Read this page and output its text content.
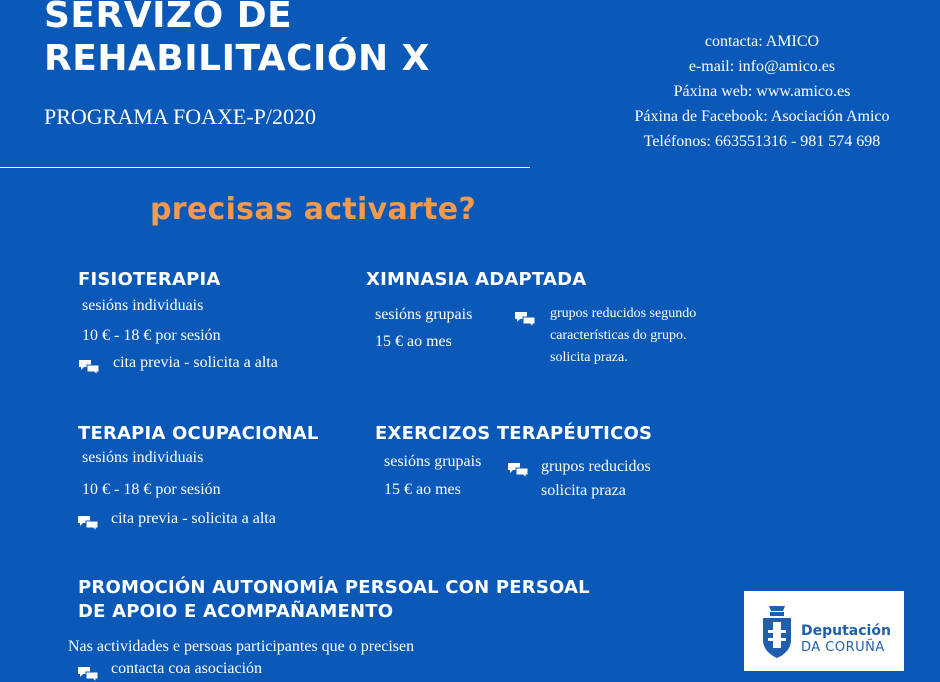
SERVIZO DE
REHABILITACIÓN X
PROGRAMA FOAXE-P/2020
contacta: AMICO
e-mail: info@amico.es
Páxina web: www.amico.es
Páxina de Facebook: Asociación Amico
Teléfonos: 663551316 - 981 574 698
precisas activarte?
FISIOTERAPIA
sesións individuais
10 € - 18 € por sesión
cita previa - solicita a alta
XIMNASIA ADAPTADA
sesións grupais
15 € ao mes
grupos reducidos segundo
características do grupo.
solicita praza.
TERAPIA OCUPACIONAL
sesións individuais
10 € - 18 € por sesión
cita previa - solicita a alta
EXERCIZOS TERAPÉUTICOS
sesións grupais
15 € ao mes
grupos reducidos
solicita praza
PROMOCIÓN AUTONOMÍA PERSOAL CON PERSOAL
DE APOIO E ACOMPAÑAMENTO
Nas actividades e persoas participantes que o precisen
contacta coa asociación
Deputación
DA CORUÑA
